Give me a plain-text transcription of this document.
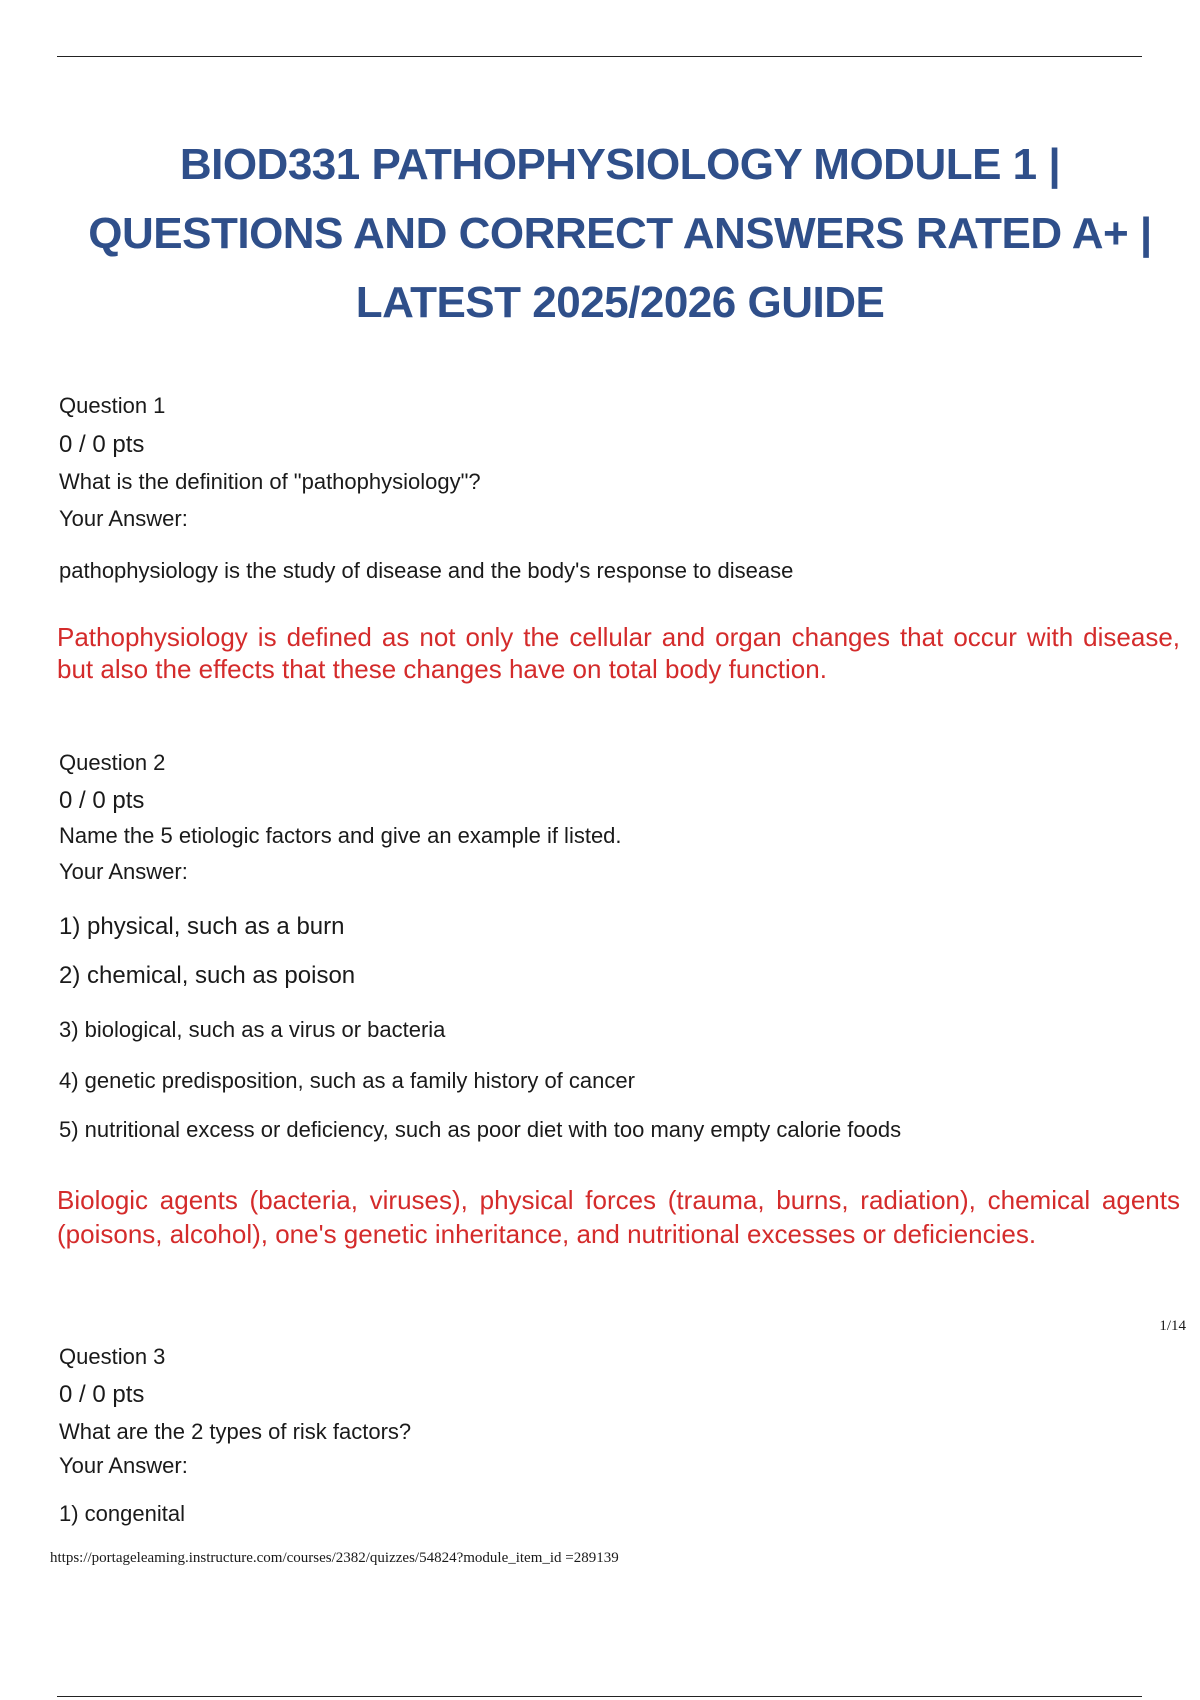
BIOD331 PATHOPHYSIOLOGY MODULE 1 |
QUESTIONS AND CORRECT ANSWERS RATED A+ |
LATEST 2025/2026 GUIDE
Question 1
0 / 0 pts
What is the definition of "pathophysiology"?
Your Answer:
pathophysiology is the study of disease and the body's response to disease
Pathophysiology is defined as not only the cellular and organ changes that occur with disease, but also the effects that these changes have on total body function.
Question 2
0 / 0 pts
Name the 5 etiologic factors and give an example if listed.
Your Answer:
1) physical, such as a burn
2) chemical, such as poison
3) biological, such as a virus or bacteria
4) genetic predisposition, such as a family history of cancer
5) nutritional excess or deficiency, such as poor diet with too many empty calorie foods
Biologic agents (bacteria, viruses), physical forces (trauma, burns, radiation), chemical agents (poisons, alcohol), one's genetic inheritance, and nutritional excesses or deficiencies.
1/14
Question 3
0 / 0 pts
What are the 2 types of risk factors?
Your Answer:
1) congenital
https://portageleaming.instructure.com/courses/2382/quizzes/54824?module_item_id =289139
